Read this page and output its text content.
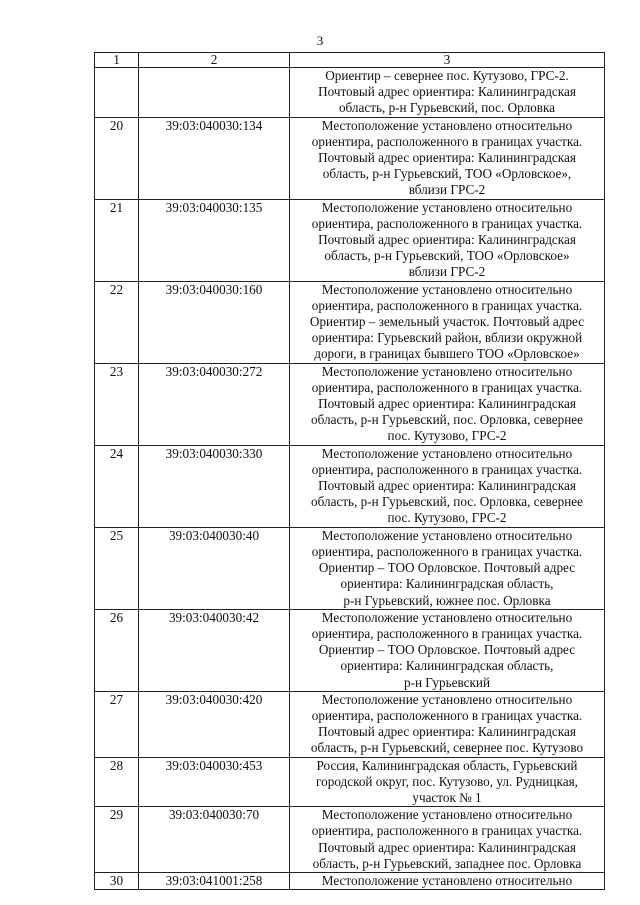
3
1	2	3
		Ориентир – севернее пос. Кутузово, ГРС-2.
Почтовый адрес ориентира: Калининградская
область, р-н Гурьевский, пос. Орловка
20	39:03:040030:134	Местоположение установлено относительно
ориентира, расположенного в границах участка.
Почтовый адрес ориентира: Калининградская
область, р-н Гурьевский, ТОО «Орловское»,
вблизи ГРС-2
21	39:03:040030:135	Местоположение установлено относительно
ориентира, расположенного в границах участка.
Почтовый адрес ориентира: Калининградская
область, р-н Гурьевский, ТОО «Орловское»
вблизи ГРС-2
22	39:03:040030:160	Местоположение установлено относительно
ориентира, расположенного в границах участка.
Ориентир – земельный участок. Почтовый адрес
ориентира: Гурьевский район, вблизи окружной
дороги, в границах бывшего ТОО «Орловское»
23	39:03:040030:272	Местоположение установлено относительно
ориентира, расположенного в границах участка.
Почтовый адрес ориентира: Калининградская
область, р-н Гурьевский, пос. Орловка, севернее
пос. Кутузово, ГРС-2
24	39:03:040030:330	Местоположение установлено относительно
ориентира, расположенного в границах участка.
Почтовый адрес ориентира: Калининградская
область, р-н Гурьевский, пос. Орловка, севернее
пос. Кутузово, ГРС-2
25	39:03:040030:40	Местоположение установлено относительно
ориентира, расположенного в границах участка.
Ориентир – ТОО Орловское. Почтовый адрес
ориентира: Калининградская область,
р-н Гурьевский, южнее пос. Орловка
26	39:03:040030:42	Местоположение установлено относительно
ориентира, расположенного в границах участка.
Ориентир – ТОО Орловское. Почтовый адрес
ориентира: Калининградская область,
р-н Гурьевский
27	39:03:040030:420	Местоположение установлено относительно
ориентира, расположенного в границах участка.
Почтовый адрес ориентира: Калининградская
область, р-н Гурьевский, севернее пос. Кутузово
28	39:03:040030:453	Россия, Калининградская область, Гурьевский
городской округ, пос. Кутузово, ул. Рудницкая,
участок № 1
29	39:03:040030:70	Местоположение установлено относительно
ориентира, расположенного в границах участка.
Почтовый адрес ориентира: Калининградская
область, р-н Гурьевский, западнее пос. Орловка
30	39:03:041001:258	Местоположение установлено относительно
